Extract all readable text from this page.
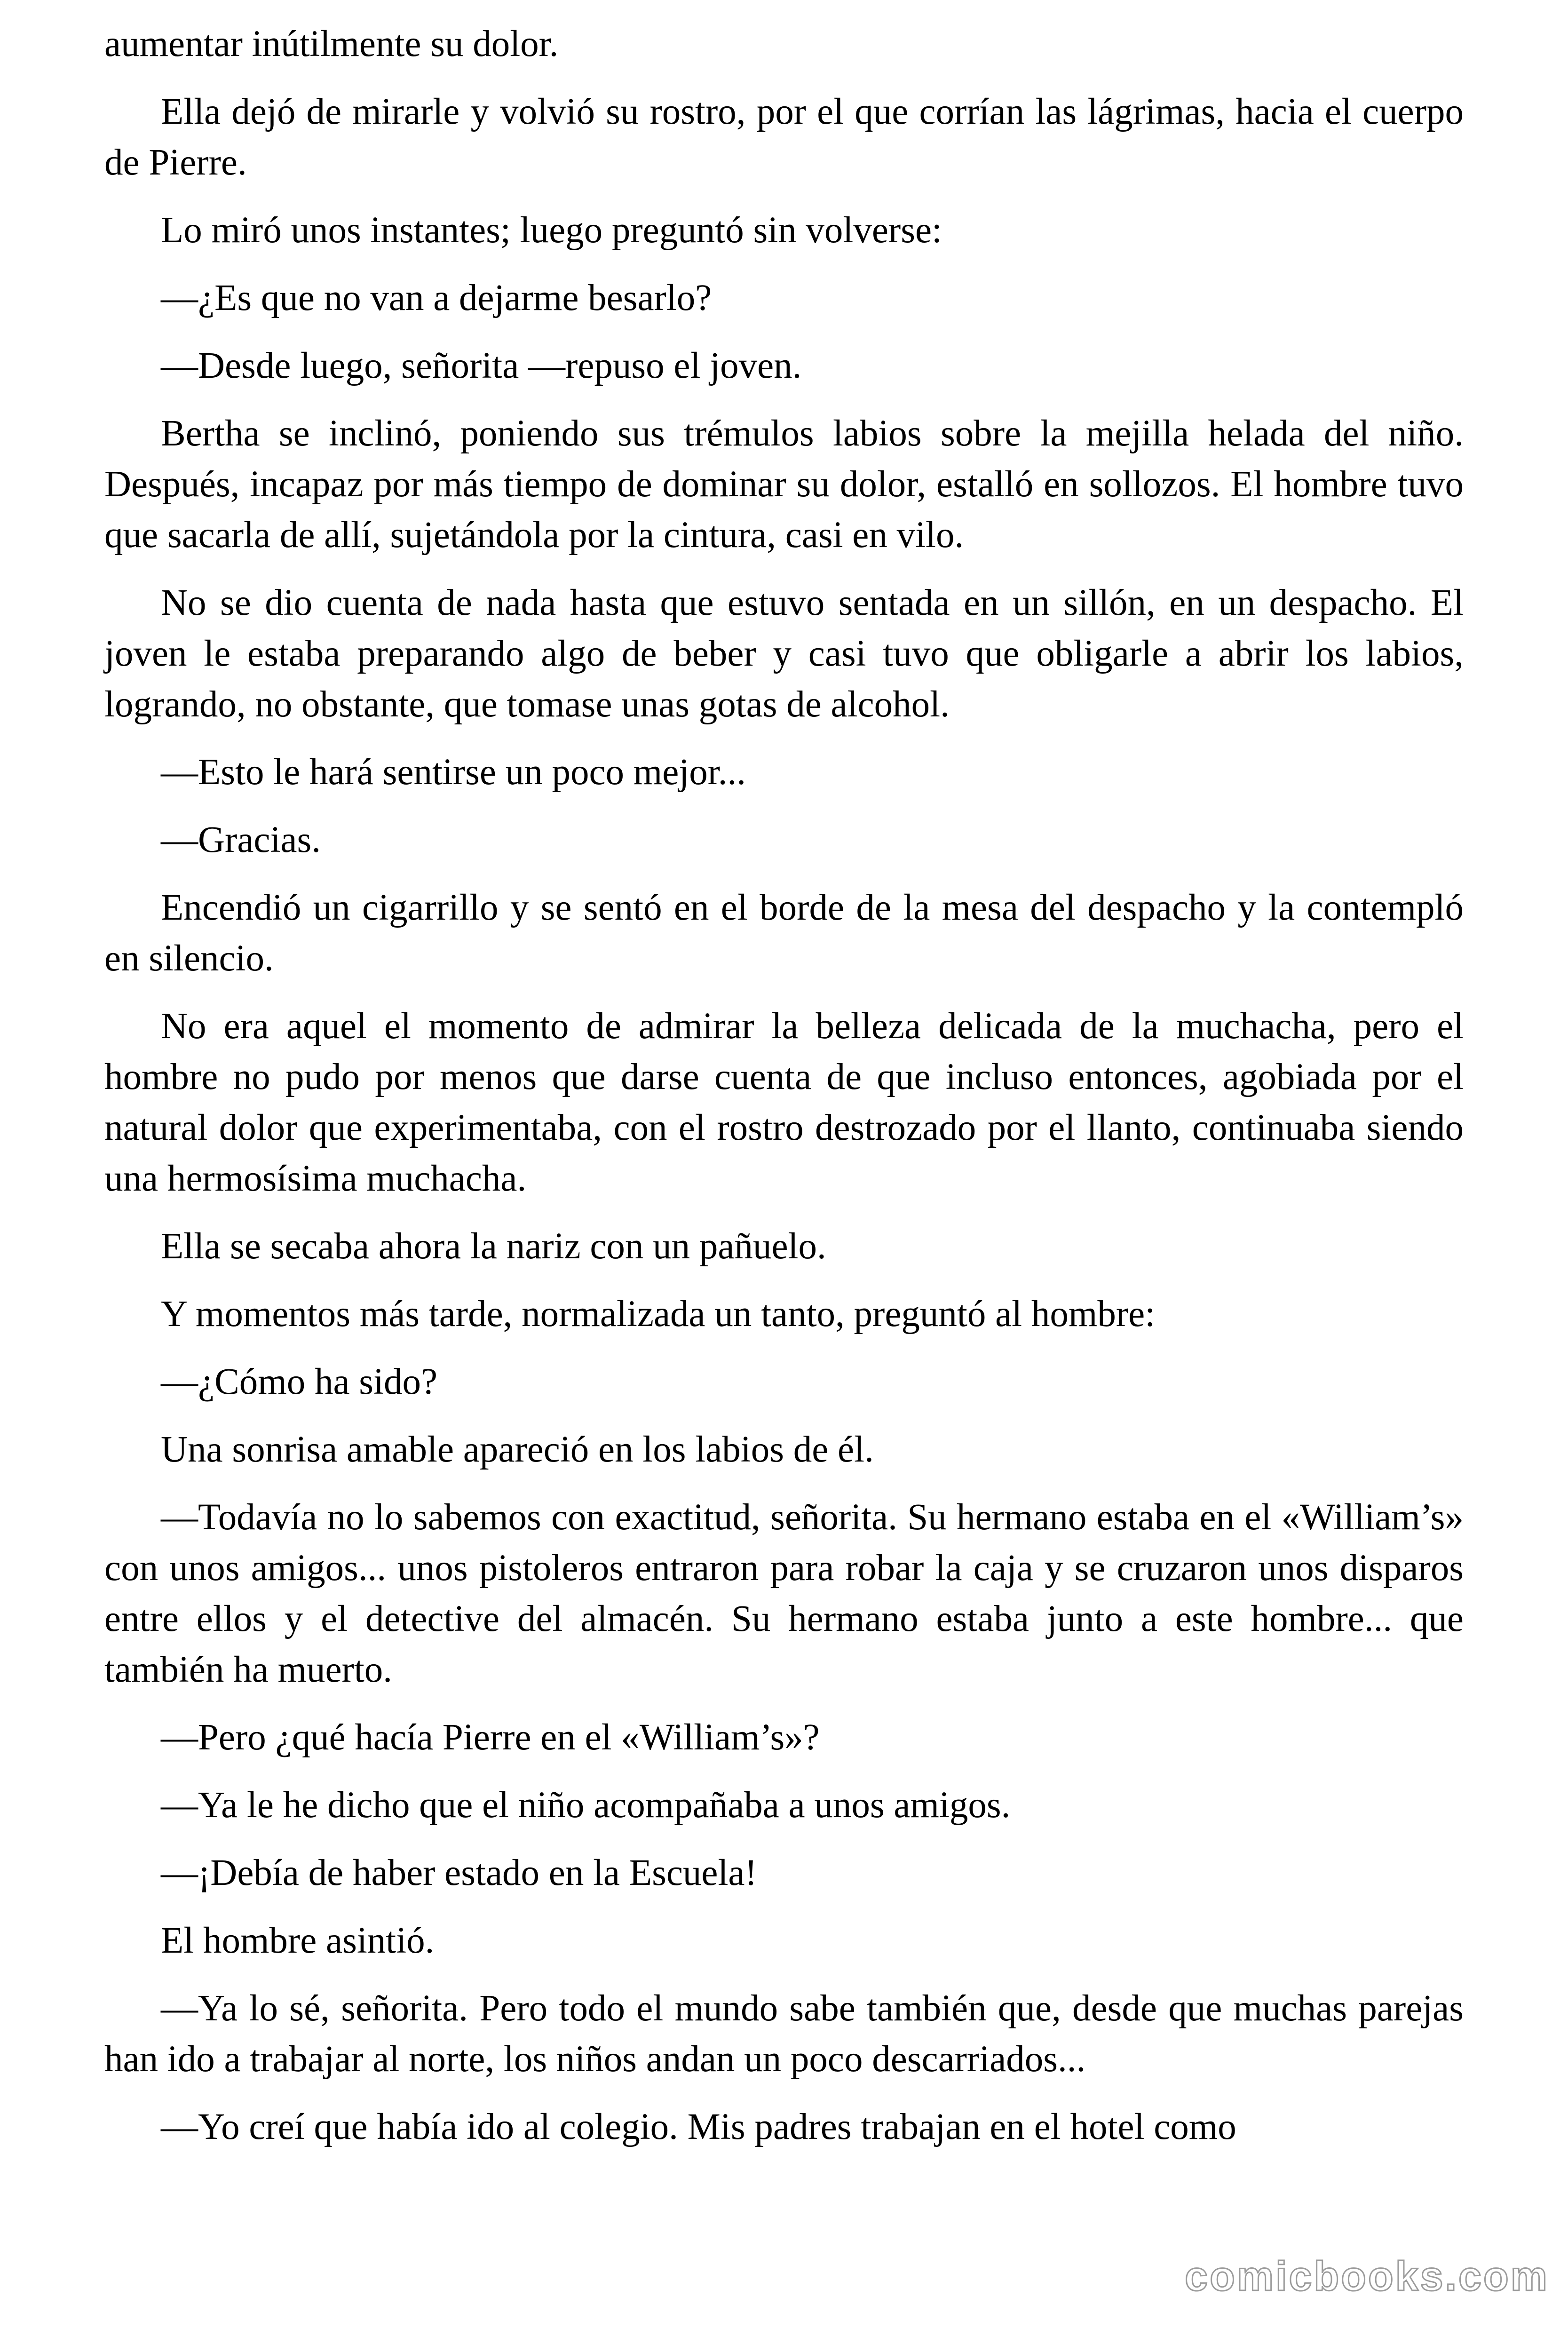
aumentar inútilmente su dolor.

Ella dejó de mirarle y volvió su rostro, por el que corrían las lágrimas, hacia el cuerpo de Pierre.

Lo miró unos instantes; luego preguntó sin volverse:

—¿Es que no van a dejarme besarlo?

—Desde luego, señorita —repuso el joven.

Bertha se inclinó, poniendo sus trémulos labios sobre la mejilla helada del niño. Después, incapaz por más tiempo de dominar su dolor, estalló en sollozos. El hombre tuvo que sacarla de allí, sujetándola por la cintura, casi en vilo.

No se dio cuenta de nada hasta que estuvo sentada en un sillón, en un despacho. El joven le estaba preparando algo de beber y casi tuvo que obligarle a abrir los labios, logrando, no obstante, que tomase unas gotas de alcohol.

—Esto le hará sentirse un poco mejor...

—Gracias.

Encendió un cigarrillo y se sentó en el borde de la mesa del despacho y la contempló en silencio.

No era aquel el momento de admirar la belleza delicada de la muchacha, pero el hombre no pudo por menos que darse cuenta de que incluso entonces, agobiada por el natural dolor que experimentaba, con el rostro destrozado por el llanto, continuaba siendo una hermosísima muchacha.

Ella se secaba ahora la nariz con un pañuelo.

Y momentos más tarde, normalizada un tanto, preguntó al hombre:

—¿Cómo ha sido?

Una sonrisa amable apareció en los labios de él.

—Todavía no lo sabemos con exactitud, señorita. Su hermano estaba en el «William’s» con unos amigos... unos pistoleros entraron para robar la caja y se cruzaron unos disparos entre ellos y el detective del almacén. Su hermano estaba junto a este hombre... que también ha muerto.

—Pero ¿qué hacía Pierre en el «William’s»?

—Ya le he dicho que el niño acompañaba a unos amigos.

—¡Debía de haber estado en la Escuela!

El hombre asintió.

—Ya lo sé, señorita. Pero todo el mundo sabe también que, desde que muchas parejas han ido a trabajar al norte, los niños andan un poco descarriados...

—Yo creí que había ido al colegio. Mis padres trabajan en el hotel como

comicbooks.com
